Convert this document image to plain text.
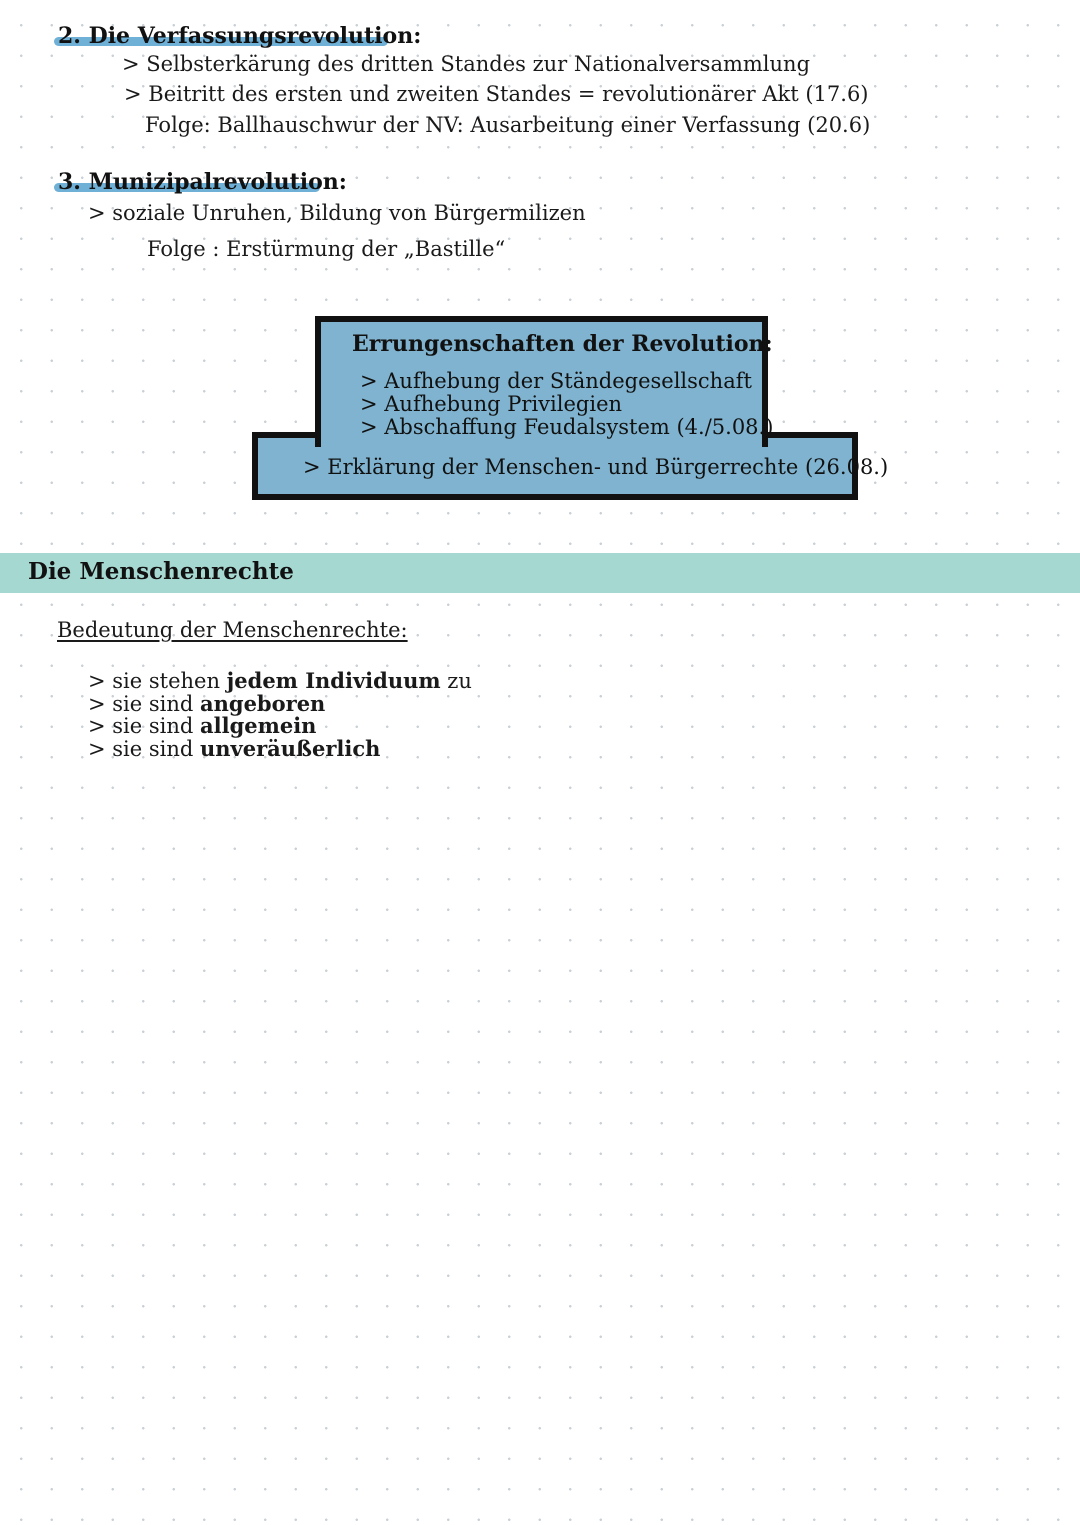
2. Die Verfassungsrevolution:
> Selbsterkärung des dritten Standes zur Nationalversammlung
> Beitritt des ersten und zweiten Standes = revolutionärer Akt (17.6)
Folge: Ballhauschwur der NV: Ausarbeitung einer Verfassung (20.6)
3. Munizipalrevolution:
> soziale Unruhen, Bildung von Bürgermilizen
Folge : Erstürmung der „Bastille“
Errungenschaften der Revolution:
> Aufhebung der Ständegesellschaft
> Aufhebung Privilegien
> Abschaffung Feudalsystem (4./5.08.)
> Erklärung der Menschen- und Bürgerrechte (26.08.)
Die Menschenrechte
Bedeutung der Menschenrechte:
> sie stehen jedem Individuum zu
> sie sind angeboren
> sie sind allgemein
> sie sind unveräußerlich
